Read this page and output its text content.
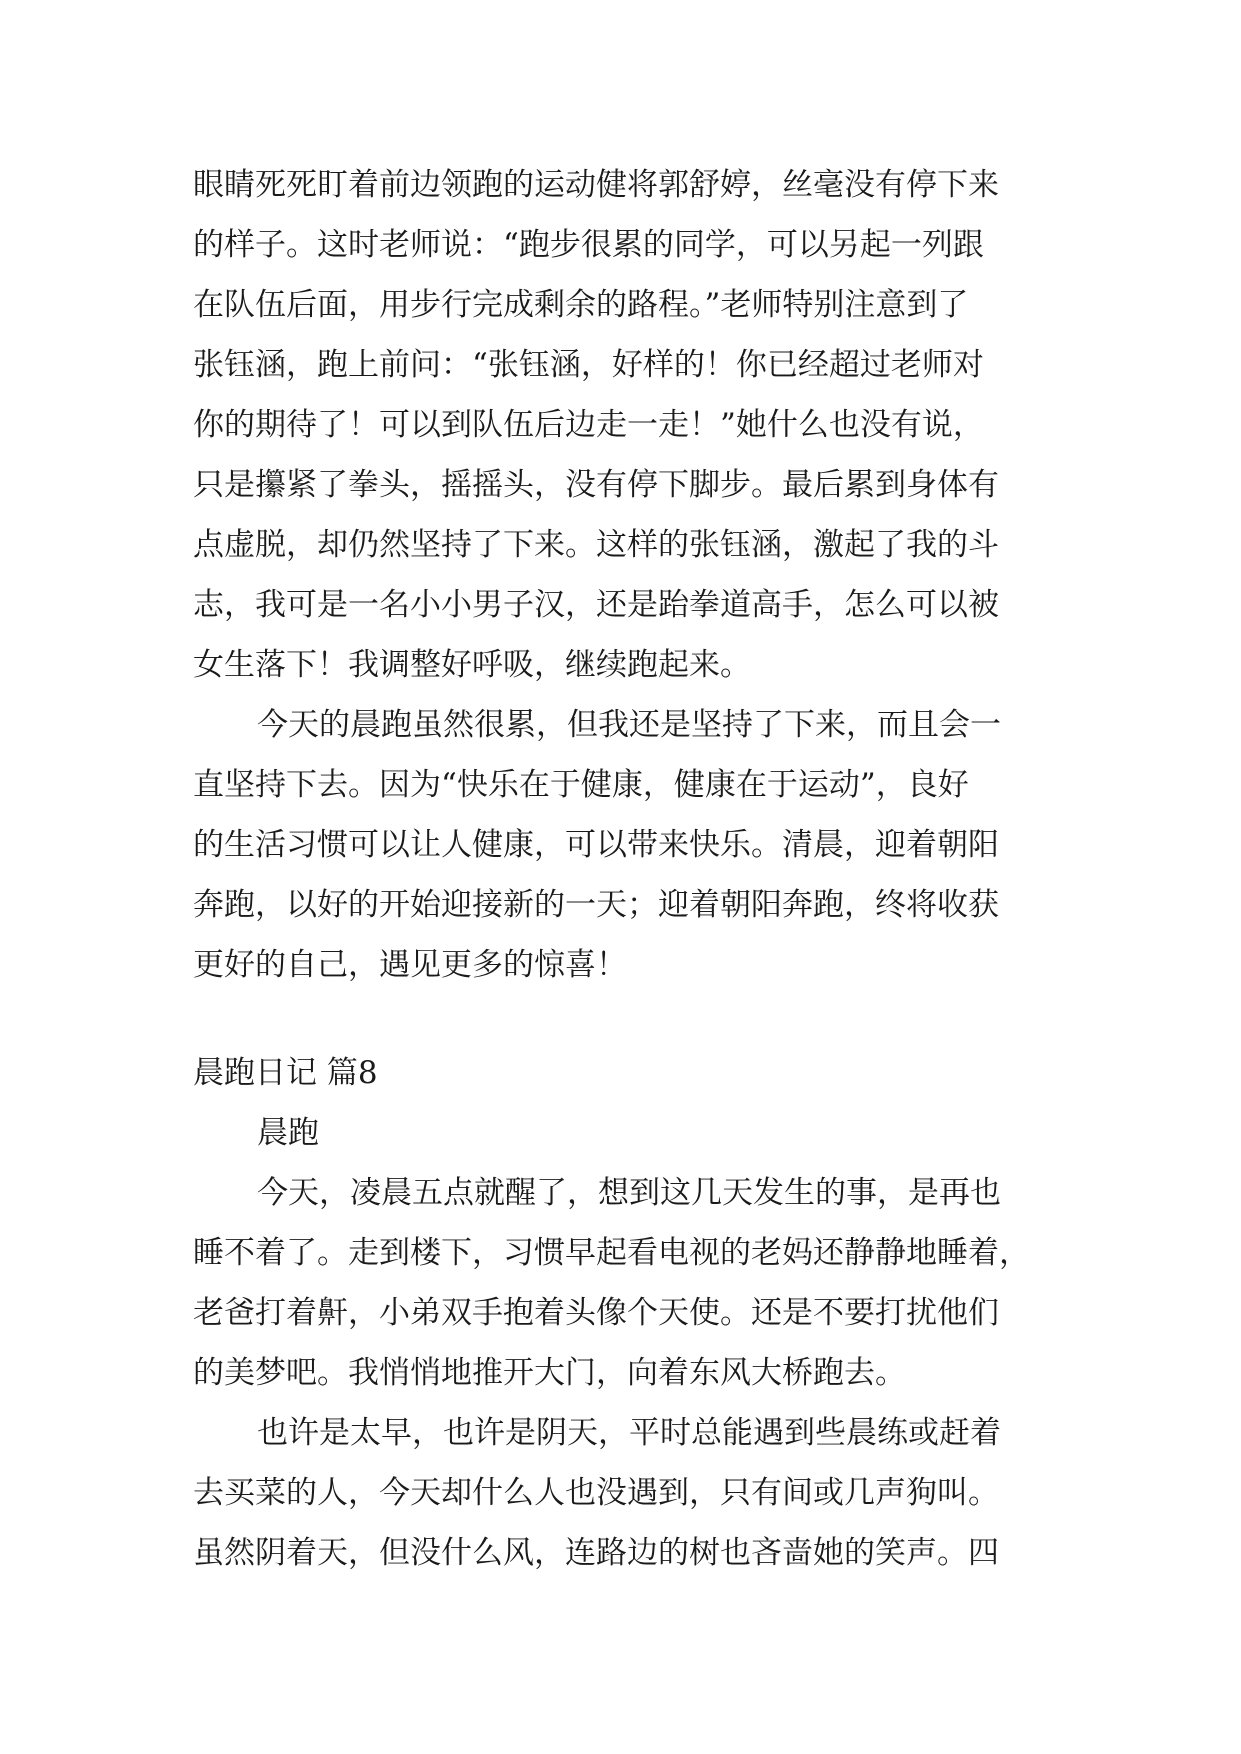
眼睛死死盯着前边领跑的运动健将郭舒婷，丝毫没有停下来
的样子。这时老师说：“跑步很累的同学，可以另起一列跟
在队伍后面，用步行完成剩余的路程。”老师特别注意到了
张钰涵，跑上前问：“张钰涵，好样的！你已经超过老师对
你的期待了！可以到队伍后边走一走！”她什么也没有说，
只是攥紧了拳头，摇摇头，没有停下脚步。最后累到身体有
点虚脱，却仍然坚持了下来。这样的张钰涵，激起了我的斗
志，我可是一名小小男子汉，还是跆拳道高手，怎么可以被
女生落下！我调整好呼吸，继续跑起来。
今天的晨跑虽然很累，但我还是坚持了下来，而且会一
直坚持下去。因为“快乐在于健康，健康在于运动”，良好
的生活习惯可以让人健康，可以带来快乐。清晨，迎着朝阳
奔跑，以好的开始迎接新的一天；迎着朝阳奔跑，终将收获
更好的自己，遇见更多的惊喜！
晨跑日记 篇8
晨跑
今天，凌晨五点就醒了，想到这几天发生的事，是再也
睡不着了。走到楼下，习惯早起看电视的老妈还静静地睡着，
老爸打着鼾，小弟双手抱着头像个天使。还是不要打扰他们
的美梦吧。我悄悄地推开大门，向着东风大桥跑去。
也许是太早，也许是阴天，平时总能遇到些晨练或赶着
去买菜的人，今天却什么人也没遇到，只有间或几声狗叫。
虽然阴着天，但没什么风，连路边的树也吝啬她的笑声。四
